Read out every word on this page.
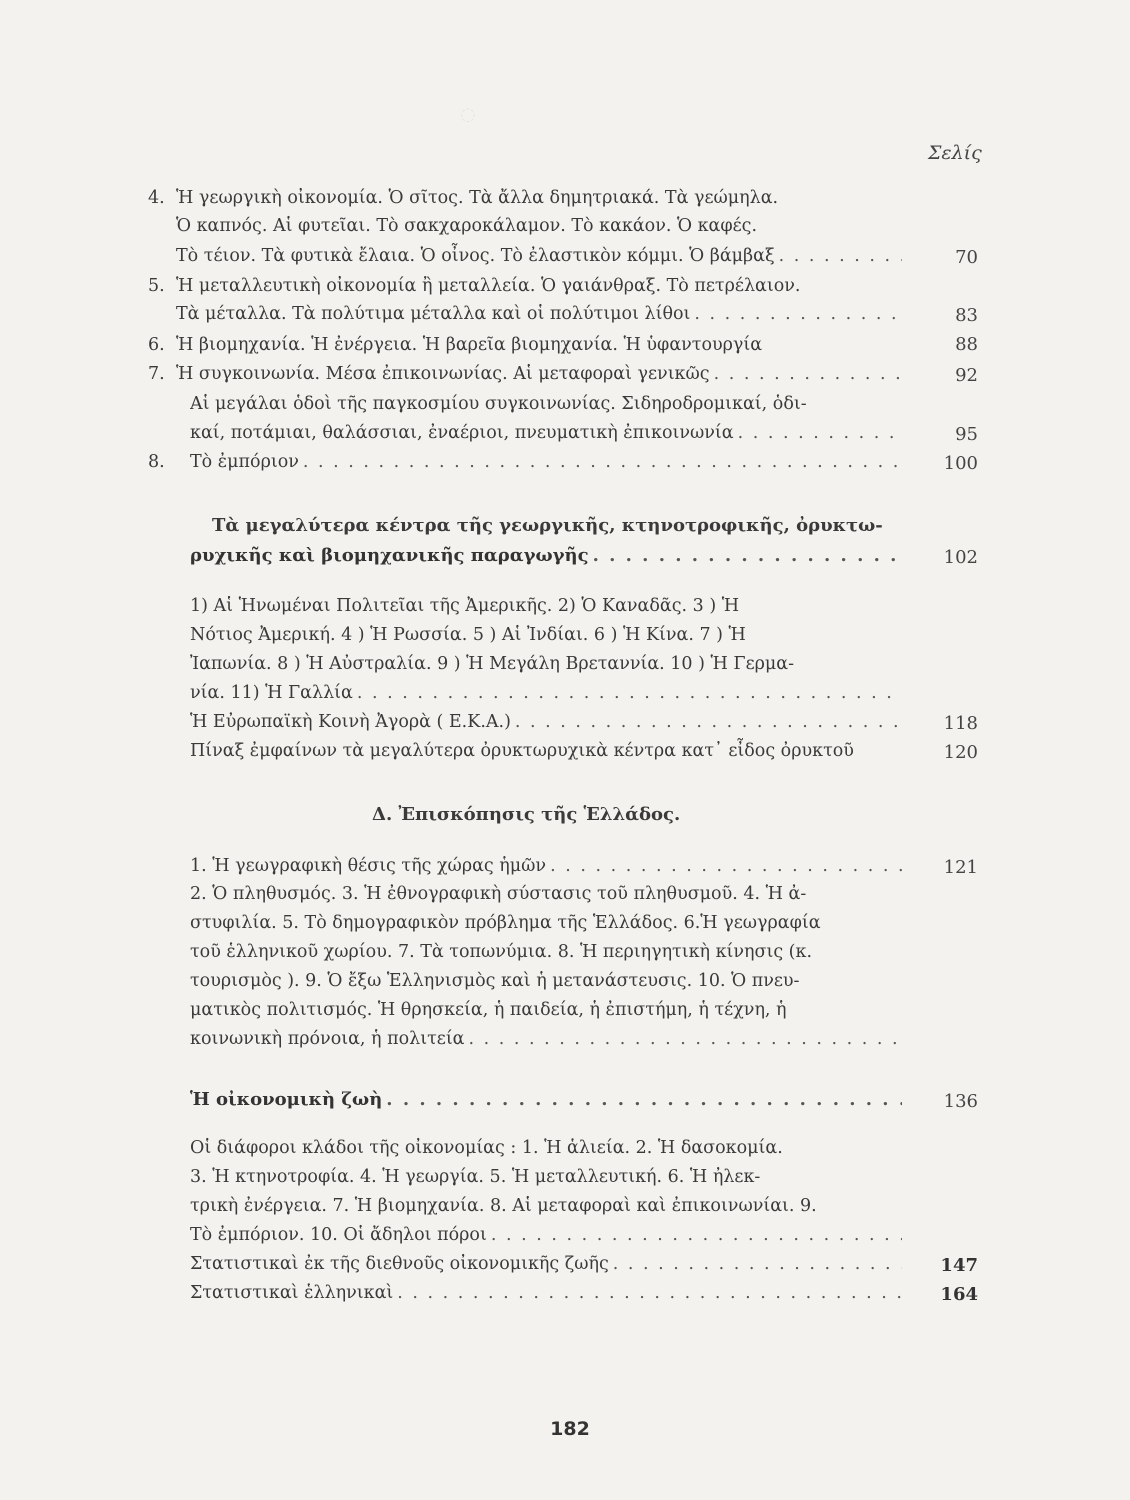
◌
Σελίς
4. Ἡ γεωργικὴ οἰκονομία. Ὁ σῖτος. Τὰ ἄλλα δημητριακά. Τὰ γεώμηλα.
Ὁ καπνός. Αἱ φυτεῖαι. Τὸ σακχαροκάλαμον. Τὸ κακάον. Ὁ καφές.
Τὸ τέιον. Τὰ φυτικὰ ἔλαια. Ὁ οἶνος. Τὸ ἐλαστικὸν κόμμι. Ὁ βάμβαξ . . .	70
5. Ἡ μεταλλευτικὴ οἰκονομία ἢ μεταλλεία. Ὁ γαιάνθραξ. Τὸ πετρέλαιον.
Τὰ μέταλλα. Τὰ πολύτιμα μέταλλα καὶ οἱ πολύτιμοι λίθοι . . .	83
6. Ἡ βιομηχανία. Ἡ ἐνέργεια. Ἡ βαρεῖα βιομηχανία. Ἡ ὑφαντουργία	88
7. Ἡ συγκοινωνία. Μέσα ἐπικοινωνίας. Αἱ μεταφοραὶ γενικῶς . . .	92
Αἱ μεγάλαι ὁδοὶ τῆς παγκοσμίου συγκοινωνίας. Σιδηροδρομικαί, ὁδι-
καί, ποτάμιαι, θαλάσσιαι, ἐναέριοι, πνευματικὴ ἐπικοινωνία . . .	95
8. Τὸ ἐμπόριον . . .	100
Τὰ μεγαλύτερα κέντρα τῆς γεωργικῆς, κτηνοτροφικῆς, ὀρυκτω-
ρυχικῆς καὶ βιομηχανικῆς παραγωγῆς . . .	102
1) Αἱ Ἡνωμέναι Πολιτεῖαι τῆς Ἀμερικῆς. 2) Ὁ Καναδᾶς. 3 ) Ἡ
Νότιος Ἀμερική. 4 ) Ἡ Ρωσσία. 5 ) Αἱ Ἰνδίαι. 6 ) Ἡ Κίνα. 7 ) Ἡ
Ἰαπωνία. 8 ) Ἡ Αὐστραλία. 9 ) Ἡ Μεγάλη Βρεταννία. 10 ) Ἡ Γερμα-
νία. 11) Ἡ Γαλλία
. . .
Ἡ Εὐρωπαϊκὴ Κοινὴ Ἀγορὰ ( Ε.Κ.Α.) . . .	118
Πίναξ ἐμφαίνων τὰ μεγαλύτερα ὀρυκτωρυχικὰ κέντρα κατ᾽ εἶδος ὀρυκτοῦ	120
Δ. Ἐπισκόπησις τῆς Ἑλλάδος.
1. Ἡ γεωγραφικὴ θέσις τῆς χώρας ἡμῶν . . .	121
2. Ὁ πληθυσμός. 3. Ἡ ἐθνογραφικὴ σύστασις τοῦ πληθυσμοῦ. 4. Ἡ ἀ-
στυφιλία. 5. Τὸ δημογραφικὸν πρόβλημα τῆς Ἑλλάδος. 6.Ἡ γεωγραφία
τοῦ ἑλληνικοῦ χωρίου. 7. Τὰ τοπωνύμια. 8. Ἡ περιηγητικὴ κίνησις (κ.
τουρισμὸς ). 9. Ὁ ἔξω Ἑλληνισμὸς καὶ ἡ μετανάστευσις. 10. Ὁ πνευ-
ματικὸς πολιτισμός. Ἡ θρησκεία, ἡ παιδεία, ἡ ἐπιστήμη, ἡ τέχνη, ἡ
κοινωνικὴ πρόνοια, ἡ πολιτεία
. . .
Ἡ οἰκονομικὴ ζωὴ . . .	136
Οἱ διάφοροι κλάδοι τῆς οἰκονομίας : 1. Ἡ ἁλιεία. 2. Ἡ δασοκομία.
3. Ἡ κτηνοτροφία. 4. Ἡ γεωργία. 5. Ἡ μεταλλευτική. 6. Ἡ ἠλεκ-
τρικὴ ἐνέργεια. 7. Ἡ βιομηχανία. 8. Αἱ μεταφοραὶ καὶ ἐπικοινωνίαι. 9.
Τὸ ἐμπόριον. 10. Οἱ ἄδηλοι πόροι
. . .
Στατιστικαὶ ἐκ τῆς διεθνοῦς οἰκονομικῆς ζωῆς . . .	147
Στατιστικαὶ ἑλληνικαὶ . . .	164
182
